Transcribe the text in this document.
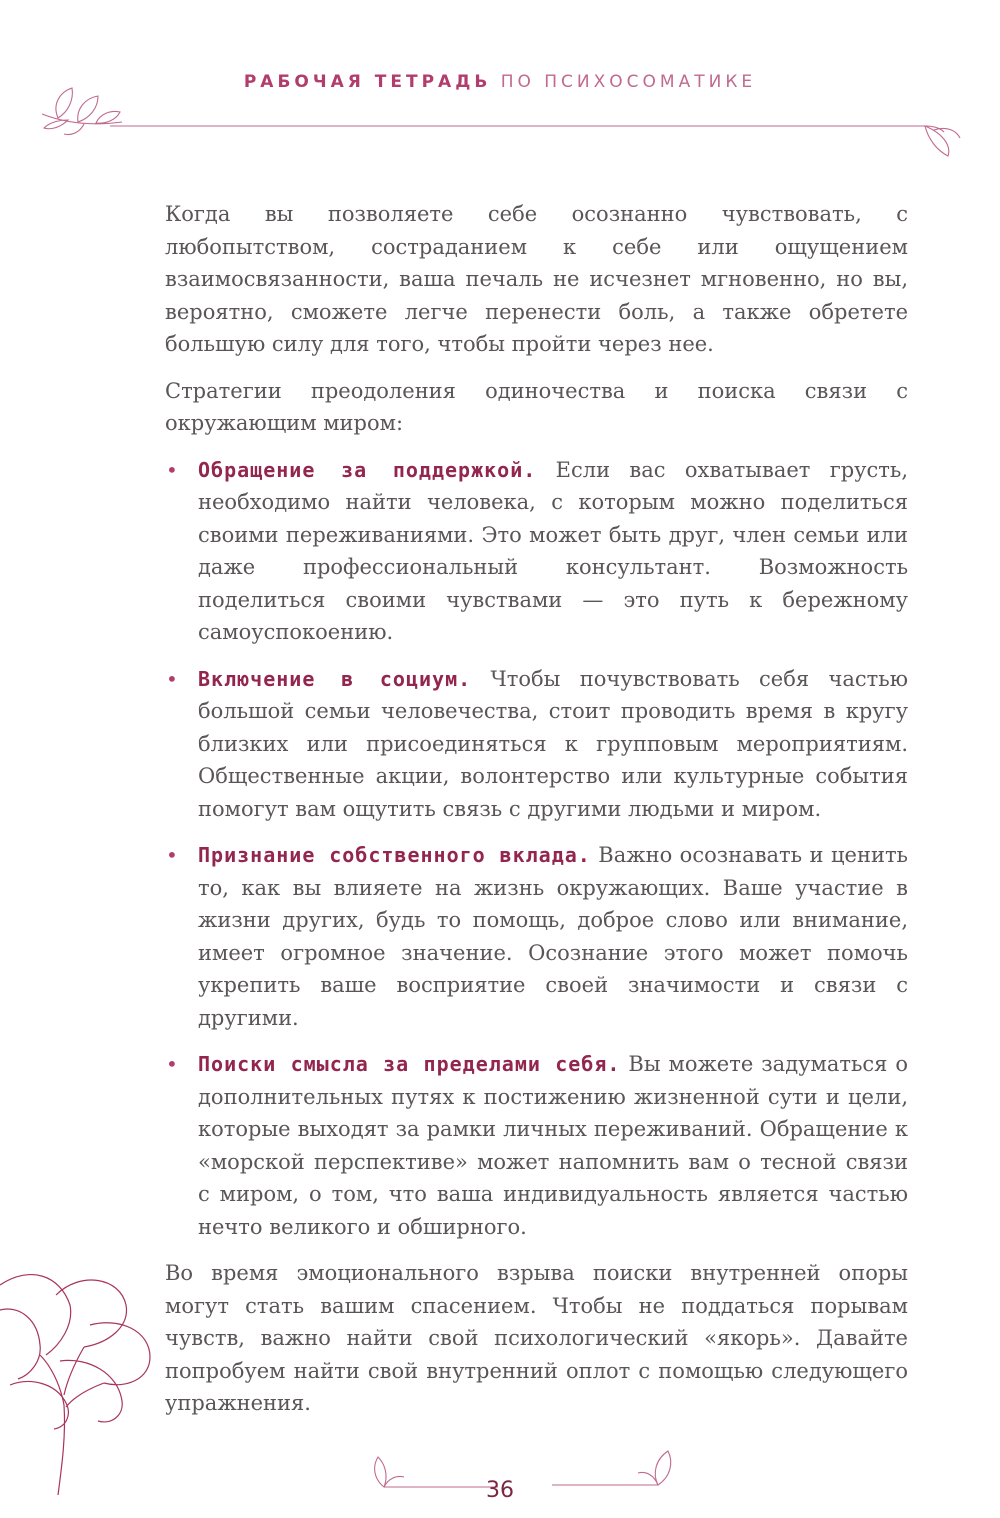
РАБОЧАЯ ТЕТРАДЬ ПО ПСИХОСОМАТИКЕ

Когда вы позволяете себе осознанно чувствовать, с любопытством, состраданием к себе или ощущением взаимосвязанности, ваша печаль не исчезнет мгновенно, но вы, вероятно, сможете легче перенести боль, а также обретете большую силу для того, чтобы пройти через нее.

Стратегии преодоления одиночества и поиска связи с окружающим миром:

• Обращение за поддержкой. Если вас охватывает грусть, необходимо найти человека, с которым можно поделиться своими переживаниями. Это может быть друг, член семьи или даже профессиональный консультант. Возможность поделиться своими чувствами — это путь к бережному самоуспокоению.
• Включение в социум. Чтобы почувствовать себя частью большой семьи человечества, стоит проводить время в кругу близких или присоединяться к групповым мероприятиям. Общественные акции, волонтерство или культурные события помогут вам ощутить связь с другими людьми и миром.
• Признание собственного вклада. Важно осознавать и ценить то, как вы влияете на жизнь окружающих. Ваше участие в жизни других, будь то помощь, доброе слово или внимание, имеет огромное значение. Осознание этого может помочь укрепить ваше восприятие своей значимости и связи с другими.
• Поиски смысла за пределами себя. Вы можете задуматься о дополнительных путях к постижению жизненной сути и цели, которые выходят за рамки личных переживаний. Обращение к «морской перспективе» может напомнить вам о тесной связи с миром, о том, что ваша индивидуальность является частью нечто великого и обширного.

Во время эмоционального взрыва поиски внутренней опоры могут стать вашим спасением. Чтобы не поддаться порывам чувств, важно найти свой психологический «якорь». Давайте попробуем найти свой внутренний оплот с помощью следующего упражнения.

36
